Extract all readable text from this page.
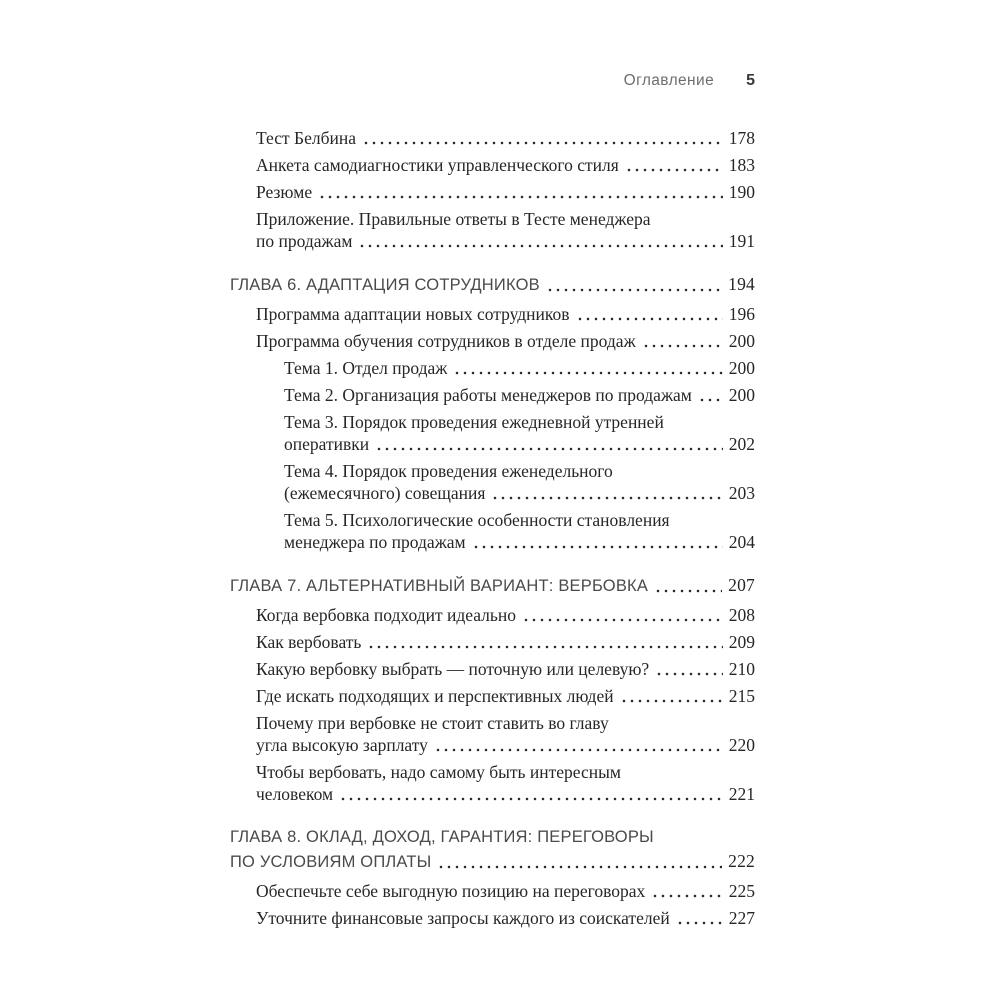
Оглавление 5
Тест Белбина	178
Анкета самодиагностики управленческого стиля	183
Резюме	190
Приложение. Правильные ответы в Тесте менеджера
по продажам	191
ГЛАВА 6. АДАПТАЦИЯ СОТРУДНИКОВ	194
Программа адаптации новых сотрудников	196
Программа обучения сотрудников в отделе продаж	200
Тема 1. Отдел продаж	200
Тема 2. Организация работы менеджеров по продажам 200
Тема 3. Порядок проведения ежедневной утренней
оперативки	202
Тема 4. Порядок проведения еженедельного
(ежемесячного) совещания	203
Тема 5. Психологические особенности становления
менеджера по продажам	204
ГЛАВА 7. АЛЬТЕРНАТИВНЫЙ ВАРИАНТ: ВЕРБОВКА	207
Когда вербовка подходит идеально	208
Как вербовать	209
Какую вербовку выбрать — поточную или целевую?	210
Где искать подходящих и перспективных людей	215
Почему при вербовке не стоит ставить во главу
угла высокую зарплату	220
Чтобы вербовать, надо самому быть интересным
человеком	221
ГЛАВА 8. ОКЛАД, ДОХОД, ГАРАНТИЯ: ПЕРЕГОВОРЫ
ПО УСЛОВИЯМ ОПЛАТЫ	222
Обеспечьте себе выгодную позицию на переговорах	225
Уточните финансовые запросы каждого из соискателей	227
